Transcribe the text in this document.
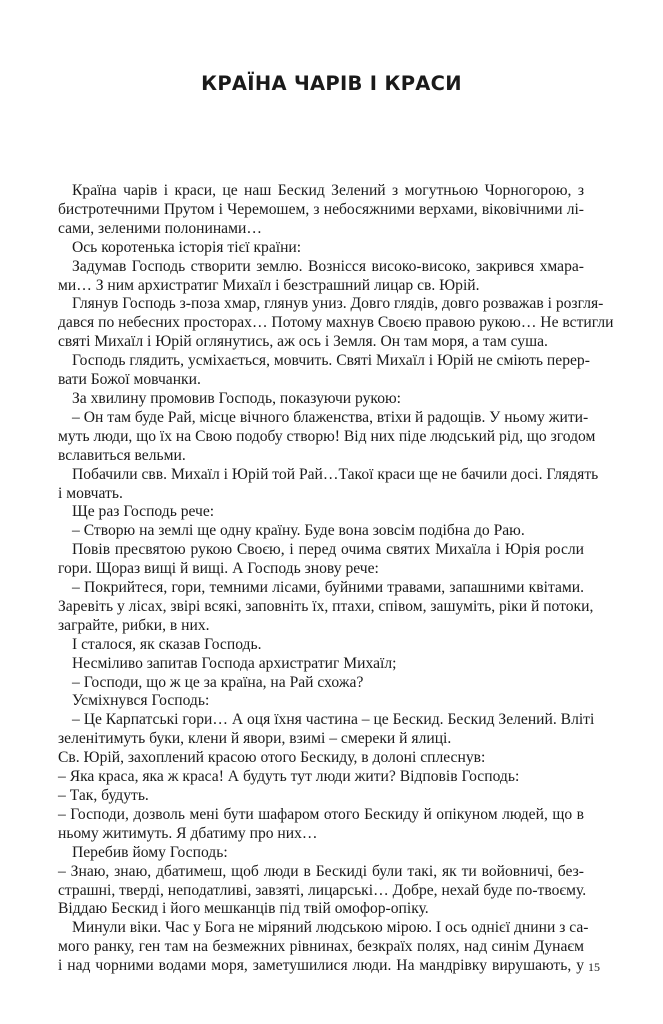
КРАЇНА ЧАРІВ І КРАСИ
Країна чарів і краси, це наш Бескид Зелений з могутньою Чорногорою, з
бистротечними Прутом і Черемошем, з небосяжними верхами, віковічними лі-
сами, зеленими полонинами…
Ось коротенька історія тієї країни:
Задумав Господь створити землю. Вознісся високо-високо, закрився хмара-
ми… З ним архистратиг Михаїл і безстрашний лицар св. Юрій.
Глянув Господь з-поза хмар, глянув униз. Довго глядів, довго розважав і розгля-
дався по небесних просторах… Потому махнув Своєю правою рукою… Не встигли
святі Михаїл і Юрій оглянутись, аж ось і Земля. Он там моря, а там суша.
Господь глядить, усміхається, мовчить. Святі Михаїл і Юрій не сміють перер-
вати Божої мовчанки.
За хвилину промовив Господь, показуючи рукою:
– Он там буде Рай, місце вічного блаженства, втіхи й радощів. У ньому жити-
муть люди, що їх на Свою подобу створю! Від них піде людський рід, що згодом
вславиться вельми.
Побачили свв. Михаїл і Юрій той Рай…Такої краси ще не бачили досі. Глядять
і мовчать.
Ще раз Господь рече:
– Створю на землі ще одну країну. Буде вона зовсім подібна до Раю.
Повів пресвятою рукою Своєю, і перед очима святих Михаїла і Юрія росли
гори. Щораз вищі й вищі. А Господь знову рече:
– Покрийтеся, гори, темними лісами, буйними травами, запашними квітами.
Заревіть у лісах, звірі всякі, заповніть їх, птахи, співом, зашуміть, ріки й потоки,
заграйте, рибки, в них.
І сталося, як сказав Господь.
Несміливо запитав Господа архистратиг Михаїл;
– Господи, що ж це за країна, на Рай схожа?
Усміхнувся Господь:
– Це Карпатські гори… А оця їхня частина – це Бескид. Бескид Зелений. Вліті
зеленітимуть буки, клени й явори, взимі – смереки й ялиці.
Св. Юрій, захоплений красою отого Бескиду, в долоні сплеснув:
– Яка краса, яка ж краса! А будуть тут люди жити? Відповів Господь:
– Так, будуть.
– Господи, дозволь мені бути шафаром отого Бескиду й опікуном людей, що в
ньому житимуть. Я дбатиму про них…
Перебив йому Господь:
– Знаю, знаю, дбатимеш, щоб люди в Бескиді були такі, як ти войовничі, без-
страшні, тверді, неподатливі, завзяті, лицарські… Добре, нехай буде по-твоєму.
Віддаю Бескид і його мешканців під твій омофор-опіку.
Минули віки. Час у Бога не міряний людською мірою. І ось однієї днини з са-
мого ранку, ген там на безмежних рівнинах, безкраїх полях, над синім Дунаєм
і над чорними водами моря, заметушилися люди. На мандрівку вирушають, у 15
